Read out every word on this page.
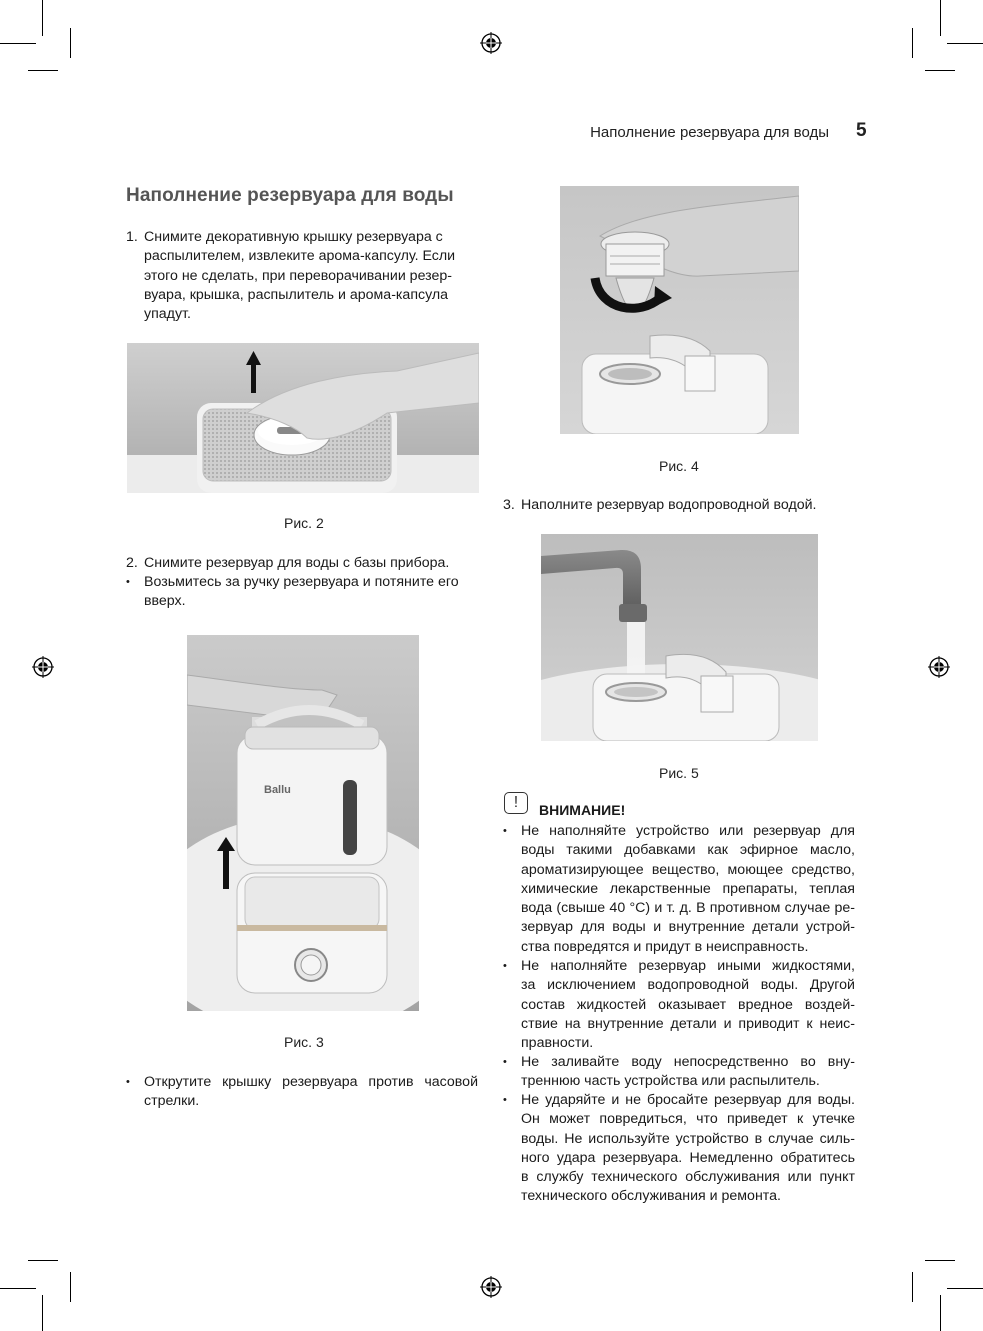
Наполнение резервуара для воды 5
Наполнение резервуара для воды
1. Снимите декоративную крышку резервуара с
распылителем, извлеките арома-капсулу. Если
этого не сделать, при переворачивании резер-
вуара, крышка, распылитель и арома-капсула
упадут.
Рис. 2
2. Снимите резервуар для воды с базы прибора.
• Возьмитесь за ручку резервуара и потяните его
вверх.
Ballu
Рис. 3
• Открутите крышку резервуара против часовой
стрелки.
Рис. 4
3. Наполните резервуар водопроводной водой.
Рис. 5
!	ВНИМАНИЕ!
• Не наполняйте устройство или резервуар для
воды такими добавками как эфирное масло,
ароматизирующее вещество, моющее средство,
химические лекарственные препараты, теплая
вода (свыше 40 °С) и т. д. В противном случае ре-
зервуар для воды и внутренние детали устрой-
ства повредятся и придут в неисправность.
• Не наполняйте резервуар иными жидкостями,
за исключением водопроводной воды. Другой
состав жидкостей оказывает вредное воздей-
ствие на внутренние детали и приводит к неис-
правности.
• Не заливайте воду непосредственно во вну-
треннюю часть устройства или распылитель.
• Не ударяйте и не бросайте резервуар для воды.
Он может повредиться, что приведет к утечке
воды. Не используйте устройство в случае силь-
ного удара резервуара. Немедленно обратитесь
в службу технического обслуживания или пункт
технического обслуживания и ремонта.
